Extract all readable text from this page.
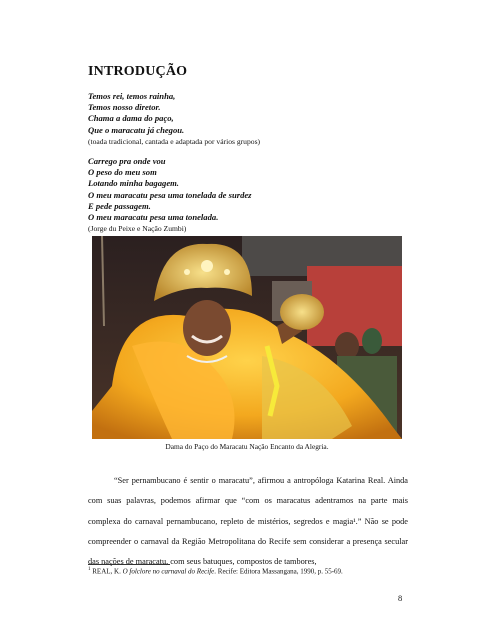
INTRODUÇÃO
Temos rei, temos rainha,
Temos nosso diretor.
Chama a dama do paço,
Que o maracatu já chegou.
(toada tradicional, cantada e adaptada por vários grupos)
Carrego pra onde vou
O peso do meu som
Lotando minha bagagem.
O meu maracatu pesa uma tonelada de surdez
E pede passagem.
O meu maracatu pesa uma tonelada.
(Jorge du Peixe e Nação Zumbi)
Dama do Paço do Maracatu Nação Encanto da Alegria.

“Ser pernambucano é sentir o maracatu”, afirmou a antropóloga Katarina Real. Ainda com suas palavras, podemos afirmar que “com os maracatus adentramos na parte mais complexa do carnaval pernambucano, repleto de mistérios, segredos e magia¹.” Não se pode compreender o carnaval da Região Metropolitana do Recife sem considerar a presença secular das nações de maracatu, com seus batuques, compostos de tambores,

$^1$ REAL, K. O folclore no carnaval do Recife. Recife: Editora Massangana, 1990, p. 55-69.
8
